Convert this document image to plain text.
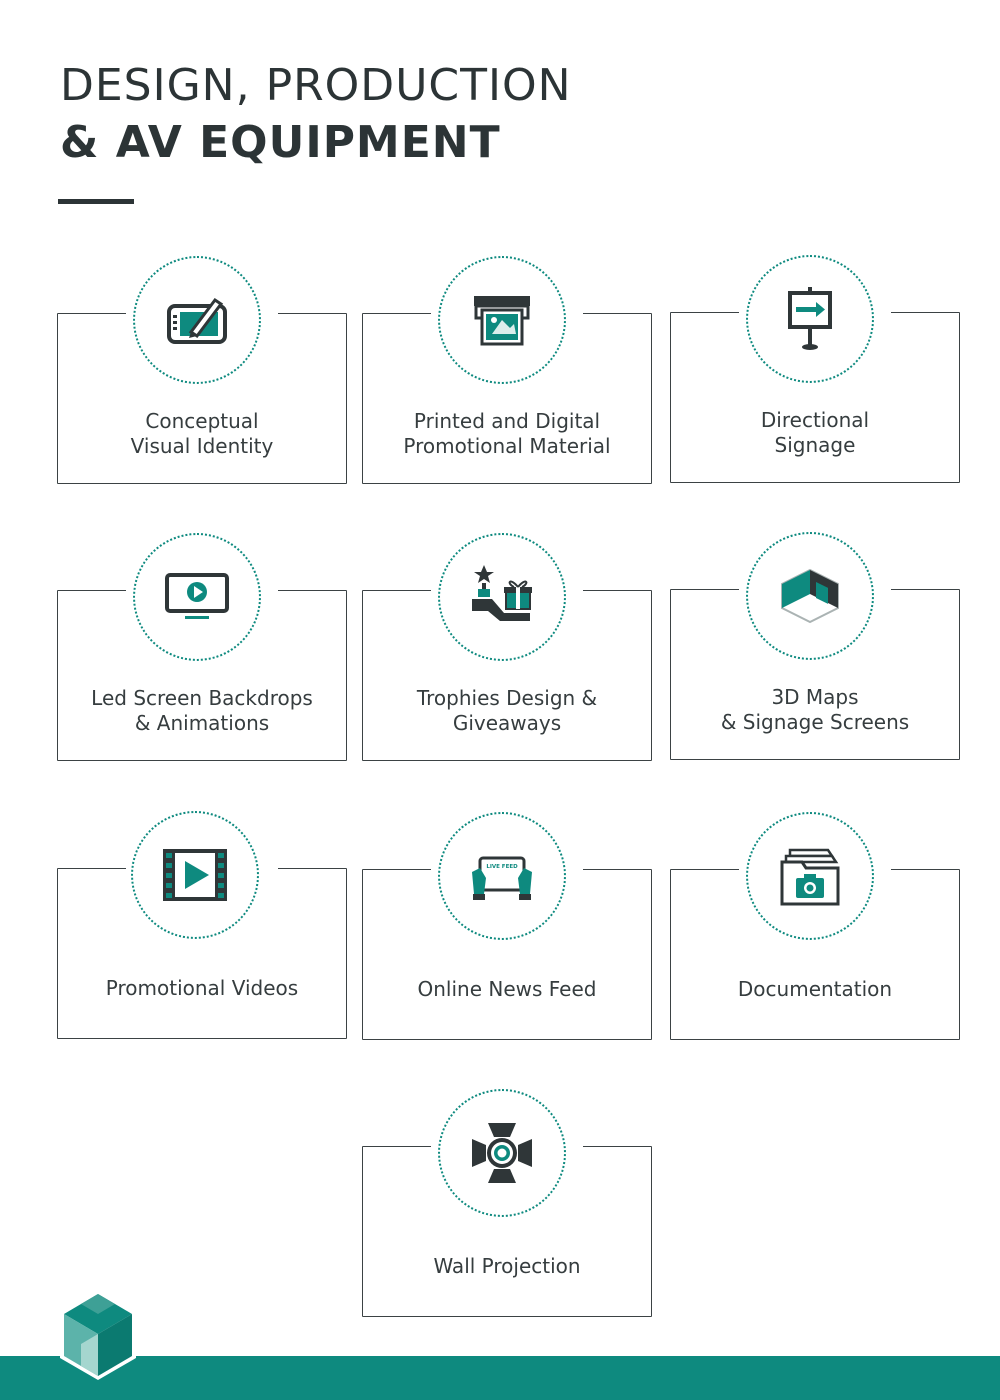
DESIGN, PRODUCTION
& AV EQUIPMENT
Conceptual
Visual Identity
Printed and Digital
Promotional Material
Directional
Signage
Led Screen Backdrops
& Animations
Trophies Design &
Giveaways
3D Maps
& Signage Screens
Promotional Videos
LIVE FEED
Online News Feed	Documentation
Wall Projection
